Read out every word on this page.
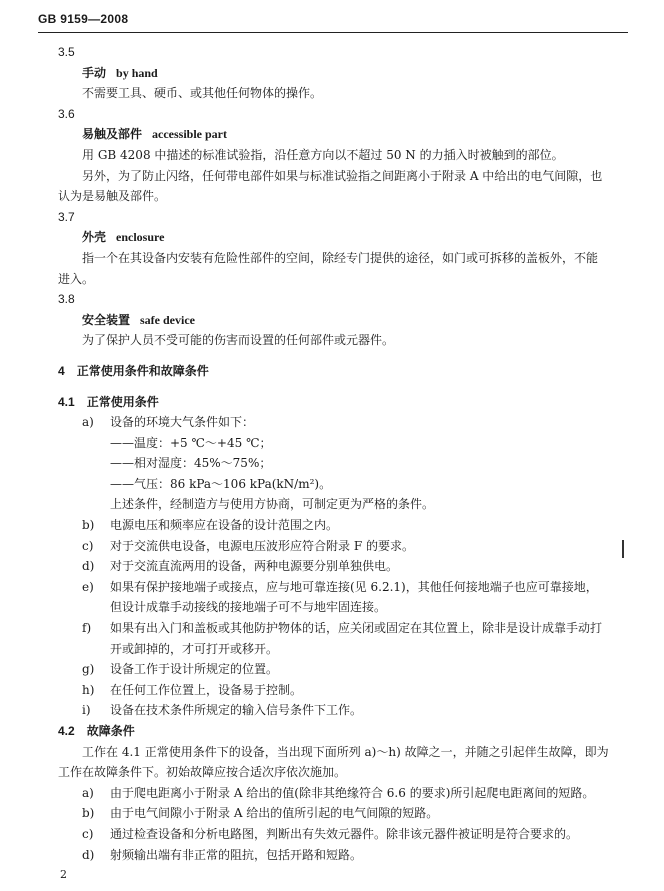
GB 9159—2008
3.5
手动 by hand
不需要工具、硬币、或其他任何物体的操作。
3.6
易触及部件 accessible part
用 GB 4208 中描述的标准试验指，沿任意方向以不超过 50 N 的力插入时被触到的部位。
另外，为了防止闪络，任何带电部件如果与标准试验指之间距离小于附录 A 中给出的电气间隙，也
认为是易触及部件。
3.7
外壳 enclosure
指一个在其设备内安装有危险性部件的空间，除经专门提供的途径，如门或可拆移的盖板外，不能
进入。
3.8
安全装置 safe device
为了保护人员不受可能的伤害而设置的任何部件或元器件。
4 正常使用条件和故障条件
4.1 正常使用条件
a) 设备的环境大气条件如下：
——温度：+5 ℃～+45 ℃；
——相对湿度：45%～75%；
——气压：86 kPa～106 kPa(kN/m²)。
上述条件，经制造方与使用方协商，可制定更为严格的条件。
b) 电源电压和频率应在设备的设计范围之内。
c) 对于交流供电设备，电源电压波形应符合附录 F 的要求。
d) 对于交流直流两用的设备，两种电源要分别单独供电。
e) 如果有保护接地端子或接点，应与地可靠连接(见 6.2.1)，其他任何接地端子也应可靠接地，
但设计成靠手动接线的接地端子可不与地牢固连接。
f) 如果有出入门和盖板或其他防护物体的话，应关闭或固定在其位置上，除非是设计成靠手动打
开或卸掉的，才可打开或移开。
g) 设备工作于设计所规定的位置。
h) 在任何工作位置上，设备易于控制。
i) 设备在技术条件所规定的输入信号条件下工作。
4.2 故障条件
工作在 4.1 正常使用条件下的设备，当出现下面所列 a)～h) 故障之一，并随之引起伴生故障，即为
工作在故障条件下。初始故障应按合适次序依次施加。
a) 由于爬电距离小于附录 A 给出的值(除非其绝缘符合 6.6 的要求)所引起爬电距离间的短路。
b) 由于电气间隙小于附录 A 给出的值所引起的电气间隙的短路。
c) 通过检查设备和分析电路图，判断出有失效元器件。除非该元器件被证明是符合要求的。
d) 射频输出端有非正常的阻抗，包括开路和短路。
2
